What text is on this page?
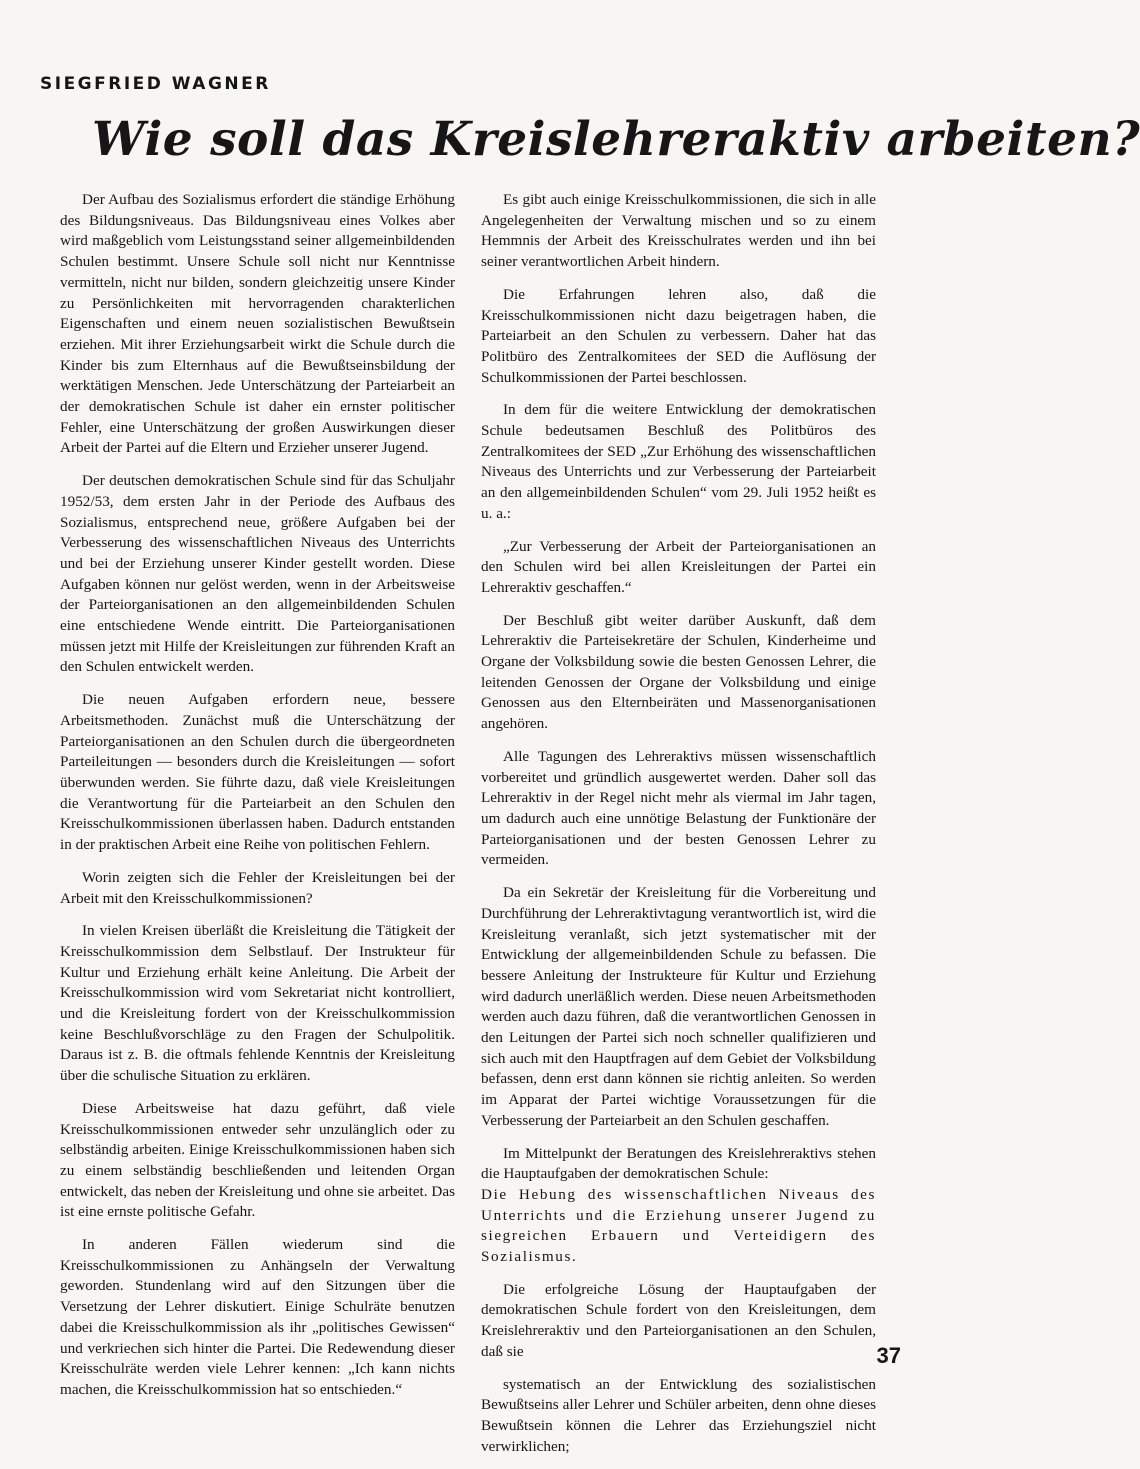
SIEGFRIED WAGNER
Wie soll das Kreislehreraktiv arbeiten?

Der Aufbau des Sozialismus erfordert die ständige Erhöhung des Bildungsniveaus. Das Bildungsniveau eines Volkes aber wird maßgeblich vom Leistungsstand seiner allgemeinbildenden Schulen bestimmt. Unsere Schule soll nicht nur Kenntnisse vermitteln, nicht nur bilden, sondern gleichzeitig unsere Kinder zu Persönlichkeiten mit hervorragenden charakterlichen Eigenschaften und einem neuen sozialistischen Bewußtsein erziehen. Mit ihrer Erziehungsarbeit wirkt die Schule durch die Kinder bis zum Elternhaus auf die Bewußtseinsbildung der werktätigen Menschen. Jede Unterschätzung der Parteiarbeit an der demokratischen Schule ist daher ein ernster politischer Fehler, eine Unterschätzung der großen Auswirkungen dieser Arbeit der Partei auf die Eltern und Erzieher unserer Jugend.

Der deutschen demokratischen Schule sind für das Schuljahr 1952/53, dem ersten Jahr in der Periode des Aufbaus des Sozialismus, entsprechend neue, größere Aufgaben bei der Verbesserung des wissenschaftlichen Niveaus des Unterrichts und bei der Erziehung unserer Kinder gestellt worden. Diese Aufgaben können nur gelöst werden, wenn in der Arbeitsweise der Parteiorganisationen an den allgemeinbildenden Schulen eine entschiedene Wende eintritt. Die Parteiorganisationen müssen jetzt mit Hilfe der Kreisleitungen zur führenden Kraft an den Schulen entwickelt werden.

Die neuen Aufgaben erfordern neue, bessere Arbeitsmethoden. Zunächst muß die Unterschätzung der Parteiorganisationen an den Schulen durch die übergeordneten Parteileitungen — besonders durch die Kreisleitungen — sofort überwunden werden. Sie führte dazu, daß viele Kreisleitungen die Verantwortung für die Parteiarbeit an den Schulen den Kreisschulkommissionen überlassen haben. Dadurch entstanden in der praktischen Arbeit eine Reihe von politischen Fehlern.

Worin zeigten sich die Fehler der Kreisleitungen bei der Arbeit mit den Kreisschulkommissionen?

In vielen Kreisen überläßt die Kreisleitung die Tätigkeit der Kreisschulkommission dem Selbstlauf. Der Instrukteur für Kultur und Erziehung erhält keine Anleitung. Die Arbeit der Kreisschulkommission wird vom Sekretariat nicht kontrolliert, und die Kreisleitung fordert von der Kreisschulkommission keine Beschlußvorschläge zu den Fragen der Schulpolitik. Daraus ist z. B. die oftmals fehlende Kenntnis der Kreisleitung über die schulische Situation zu erklären.

Diese Arbeitsweise hat dazu geführt, daß viele Kreisschulkommissionen entweder sehr unzulänglich oder zu selbständig arbeiten. Einige Kreisschulkommissionen haben sich zu einem selbständig beschließenden und leitenden Organ entwickelt, das neben der Kreisleitung und ohne sie arbeitet. Das ist eine ernste politische Gefahr.

In anderen Fällen wiederum sind die Kreisschulkommissionen zu Anhängseln der Verwaltung geworden. Stundenlang wird auf den Sitzungen über die Versetzung der Lehrer diskutiert. Einige Schulräte benutzen dabei die Kreisschulkommission als ihr „politisches Gewissen“ und verkriechen sich hinter die Partei. Die Redewendung dieser Kreisschulräte werden viele Lehrer kennen: „Ich kann nichts machen, die Kreisschulkommission hat so entschieden.“

Es gibt auch einige Kreisschulkommissionen, die sich in alle Angelegenheiten der Verwaltung mischen und so zu einem Hemmnis der Arbeit des Kreisschulrates werden und ihn bei seiner verantwortlichen Arbeit hindern.

Die Erfahrungen lehren also, daß die Kreisschulkommissionen nicht dazu beigetragen haben, die Parteiarbeit an den Schulen zu verbessern. Daher hat das Politbüro des Zentralkomitees der SED die Auflösung der Schulkommissionen der Partei beschlossen.

In dem für die weitere Entwicklung der demokratischen Schule bedeutsamen Beschluß des Politbüros des Zentralkomitees der SED „Zur Erhöhung des wissenschaftlichen Niveaus des Unterrichts und zur Verbesserung der Parteiarbeit an den allgemeinbildenden Schulen“ vom 29. Juli 1952 heißt es u. a.:

„Zur Verbesserung der Arbeit der Parteiorganisationen an den Schulen wird bei allen Kreisleitungen der Partei ein Lehreraktiv geschaffen.“

Der Beschluß gibt weiter darüber Auskunft, daß dem Lehreraktiv die Parteisekretäre der Schulen, Kinderheime und Organe der Volksbildung sowie die besten Genossen Lehrer, die leitenden Genossen der Organe der Volksbildung und einige Genossen aus den Elternbeiräten und Massenorganisationen angehören.

Alle Tagungen des Lehreraktivs müssen wissenschaftlich vorbereitet und gründlich ausgewertet werden. Daher soll das Lehreraktiv in der Regel nicht mehr als viermal im Jahr tagen, um dadurch auch eine unnötige Belastung der Funktionäre der Parteiorganisationen und der besten Genossen Lehrer zu vermeiden.

Da ein Sekretär der Kreisleitung für die Vorbereitung und Durchführung der Lehreraktivtagung verantwortlich ist, wird die Kreisleitung veranlaßt, sich jetzt systematischer mit der Entwicklung der allgemeinbildenden Schule zu befassen. Die bessere Anleitung der Instrukteure für Kultur und Erziehung wird dadurch unerläßlich werden. Diese neuen Arbeitsmethoden werden auch dazu führen, daß die verantwortlichen Genossen in den Leitungen der Partei sich noch schneller qualifizieren und sich auch mit den Hauptfragen auf dem Gebiet der Volksbildung befassen, denn erst dann können sie richtig anleiten. So werden im Apparat der Partei wichtige Voraussetzungen für die Verbesserung der Parteiarbeit an den Schulen geschaffen.

Im Mittelpunkt der Beratungen des Kreislehreraktivs stehen die Hauptaufgaben der demokratischen Schule:

Die Hebung des wissenschaftlichen Niveaus des Unterrichts und die Erziehung unserer Jugend zu siegreichen Erbauern und Verteidigern des Sozialismus.

Die erfolgreiche Lösung der Hauptaufgaben der demokratischen Schule fordert von den Kreisleitungen, dem Kreislehreraktiv und den Parteiorganisationen an den Schulen, daß sie

systematisch an der Entwicklung des sozialistischen Bewußtseins aller Lehrer und Schüler arbeiten, denn ohne dieses Bewußtsein können die Lehrer das Erziehungsziel nicht verwirklichen;

37
